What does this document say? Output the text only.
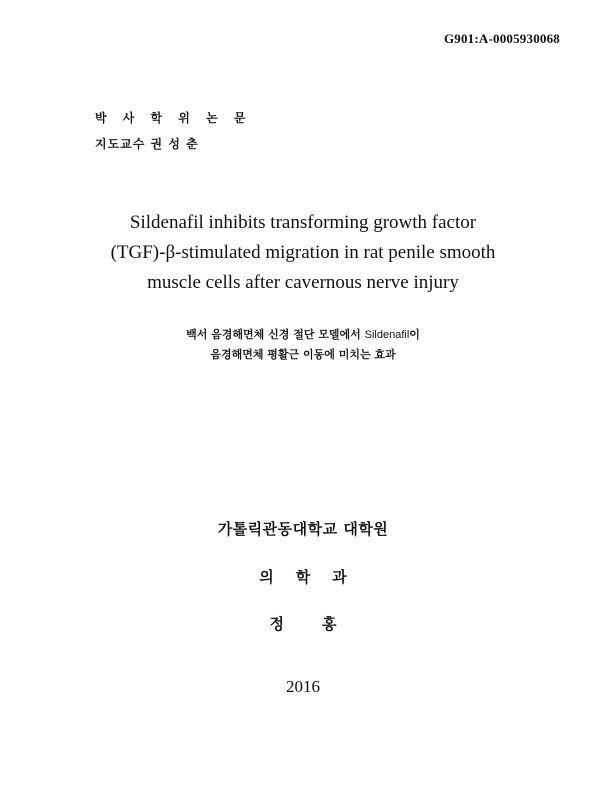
G901:A-0005930068
박 사 학 위 논 문
지도교수 권 성 춘
Sildenafil inhibits transforming growth factor
(TGF)-β-stimulated migration in rat penile smooth
muscle cells after cavernous nerve injury
백서 음경해면체 신경 절단 모델에서 Sildenafil이
음경해면체 평활근 이동에 미치는 효과
가톨릭관동대학교 대학원
의학과
정홍
2016
